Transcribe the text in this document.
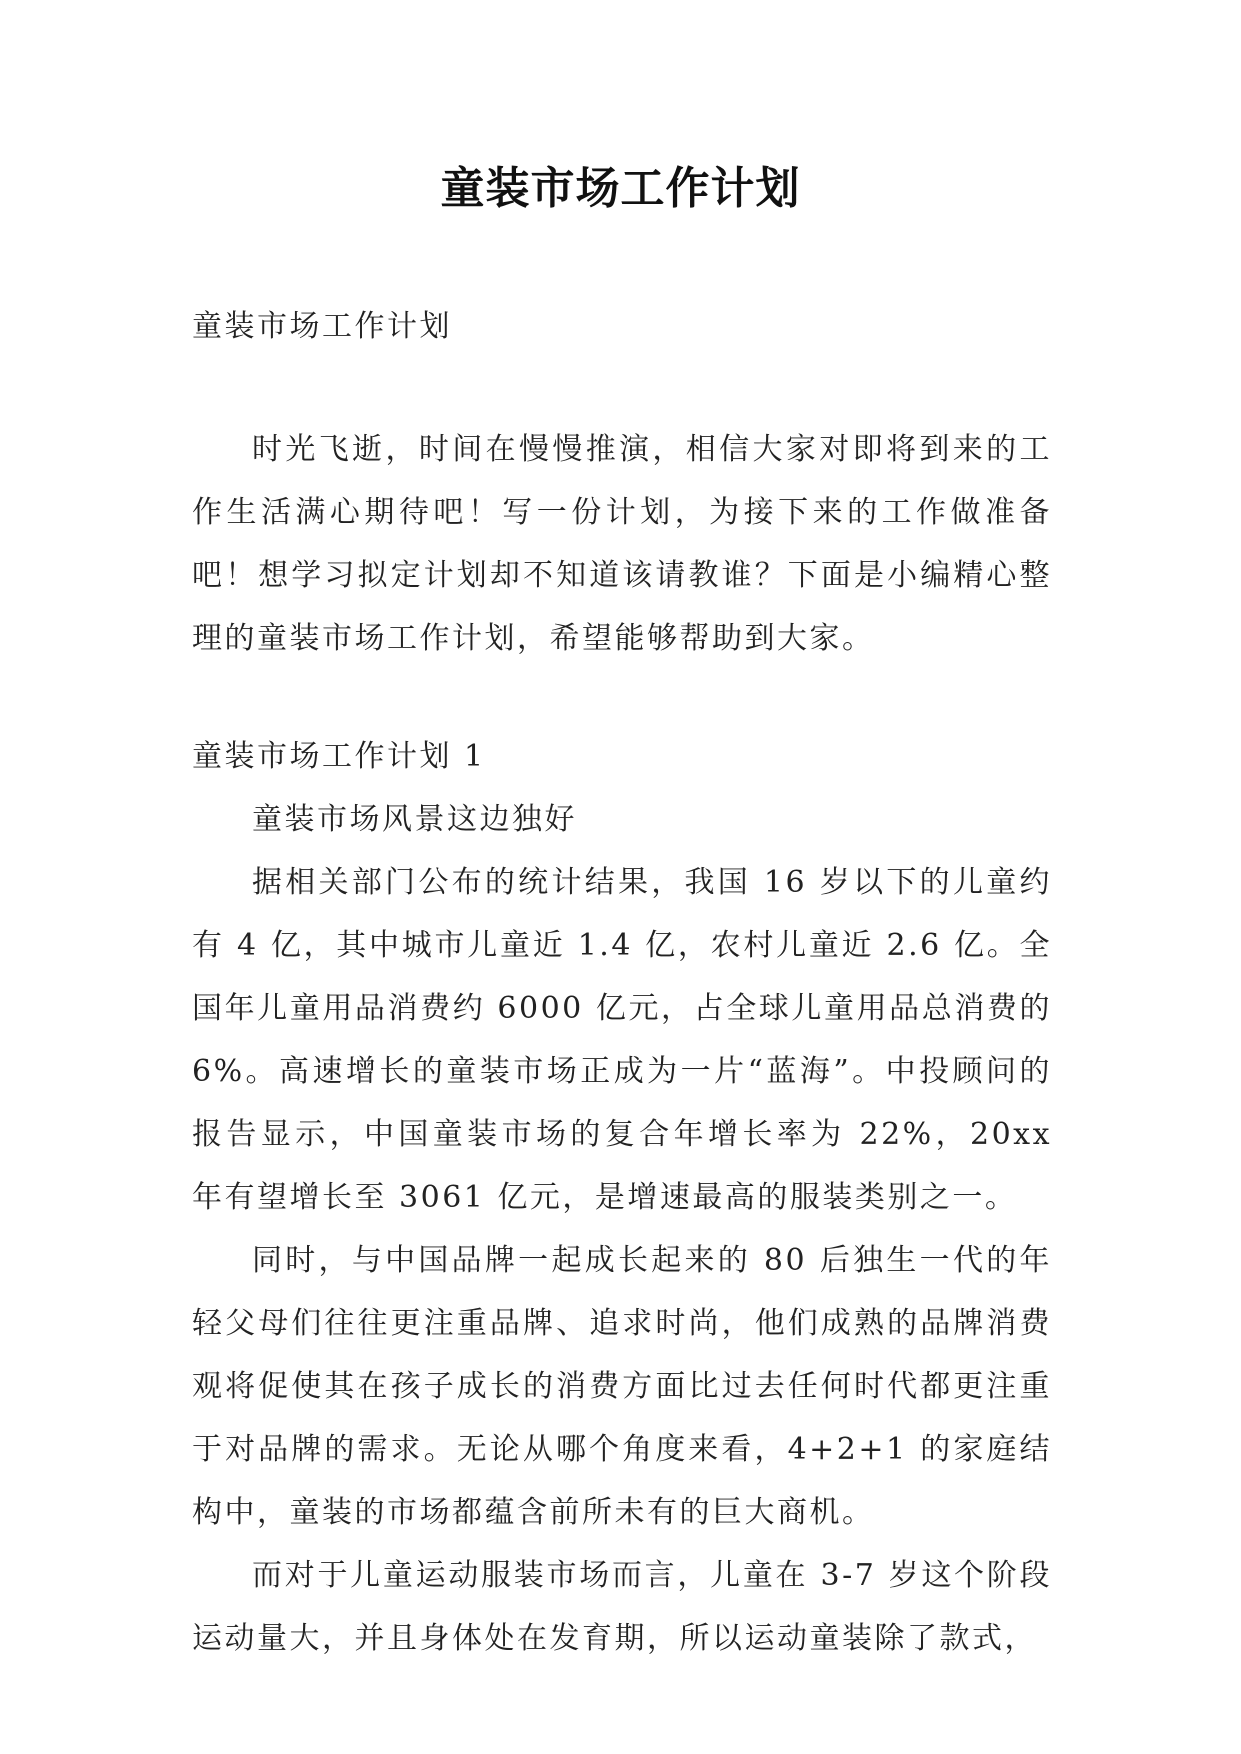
童装市场工作计划

童装市场工作计划

时光飞逝，时间在慢慢推演，相信大家对即将到来的工作生活满心期待吧！写一份计划，为接下来的工作做准备吧！想学习拟定计划却不知道该请教谁？下面是小编精心整理的童装市场工作计划，希望能够帮助到大家。

童装市场工作计划 1

童装市场风景这边独好

据相关部门公布的统计结果，我国 16 岁以下的儿童约有 4 亿，其中城市儿童近 1.4 亿，农村儿童近 2.6 亿。全国年儿童用品消费约 6000 亿元，占全球儿童用品总消费的 6%。高速增长的童装市场正成为一片“蓝海”。中投顾问的报告显示，中国童装市场的复合年增长率为 22%，20xx 年有望增长至 3061 亿元，是增速最高的服装类别之一。

同时，与中国品牌一起成长起来的 80 后独生一代的年轻父母们往往更注重品牌、追求时尚，他们成熟的品牌消费观将促使其在孩子成长的消费方面比过去任何时代都更注重于对品牌的需求。无论从哪个角度来看，4+2+1 的家庭结构中，童装的市场都蕴含前所未有的巨大商机。

而对于儿童运动服装市场而言，儿童在 3-7 岁这个阶段运动量大，并且身体处在发育期，所以运动童装除了款式，
